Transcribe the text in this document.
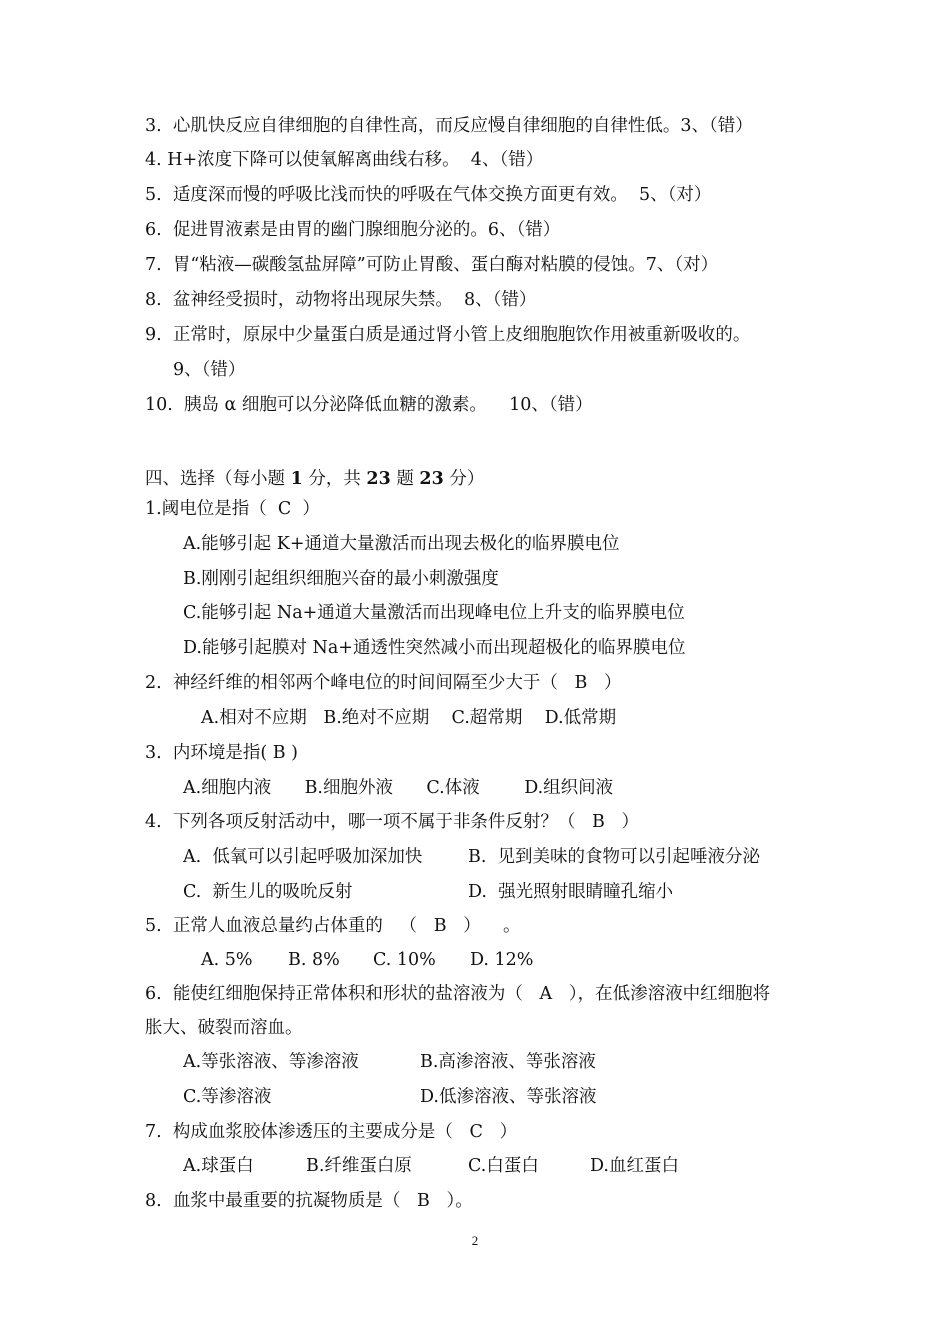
3.  心肌快反应自律细胞的自律性高，而反应慢自律细胞的自律性低。3、（错）
4. H+浓度下降可以使氧解离曲线右移。  4、（错）
5.  适度深而慢的呼吸比浅而快的呼吸在气体交换方面更有效。  5、（对）
6.  促进胃液素是由胃的幽门腺细胞分泌的。6、（错）
7.  胃“粘液—碳酸氢盐屏障”可防止胃酸、蛋白酶对粘膜的侵蚀。7、（对）
8.  盆神经受损时，动物将出现尿失禁。  8、（错）
9.  正常时，原尿中少量蛋白质是通过肾小管上皮细胞胞饮作用被重新吸收的。
9、（错）
10.  胰岛 α 细胞可以分泌降低血糖的激素。    10、（错）
四、选择（每小题 1 分，共 23 题 23 分）
1.阈电位是指（  C  ）
A.能够引起 K+通道大量激活而出现去极化的临界膜电位
B.刚刚引起组织细胞兴奋的最小刺激强度
C.能够引起 Na+通道大量激活而出现峰电位上升支的临界膜电位
D.能够引起膜对 Na+通透性突然减小而出现超极化的临界膜电位
2.  神经纤维的相邻两个峰电位的时间间隔至少大于（   B   ）
A.相对不应期   B.绝对不应期    C.超常期    D.低常期
3.  内环境是指( B )
A.细胞内液      B.细胞外液      C.体液        D.组织间液
4.  下列各项反射活动中，哪一项不属于非条件反射？（   B   ）
A.  低氧可以引起呼吸加深加快	B.  见到美味的食物可以引起唾液分泌
C.  新生儿的吸吮反射	D.  强光照射眼睛瞳孔缩小
5.  正常人血液总量约占体重的   （   B   ）    。
A. 5% B. 8% C. 10% D. 12%
6.  能使红细胞保持正常体积和形状的盐溶液为（   A   ），在低渗溶液中红细胞将
胀大、破裂而溶血。
A.等张溶液、等渗溶液	B.高渗溶液、等张溶液
C.等渗溶液	D.低渗溶液、等张溶液
7.  构成血浆胶体渗透压的主要成分是（   C   ）
A.球蛋白	B.纤维蛋白原	C.白蛋白	D.血红蛋白
8.  血浆中最重要的抗凝物质是（   B   ）。
2
